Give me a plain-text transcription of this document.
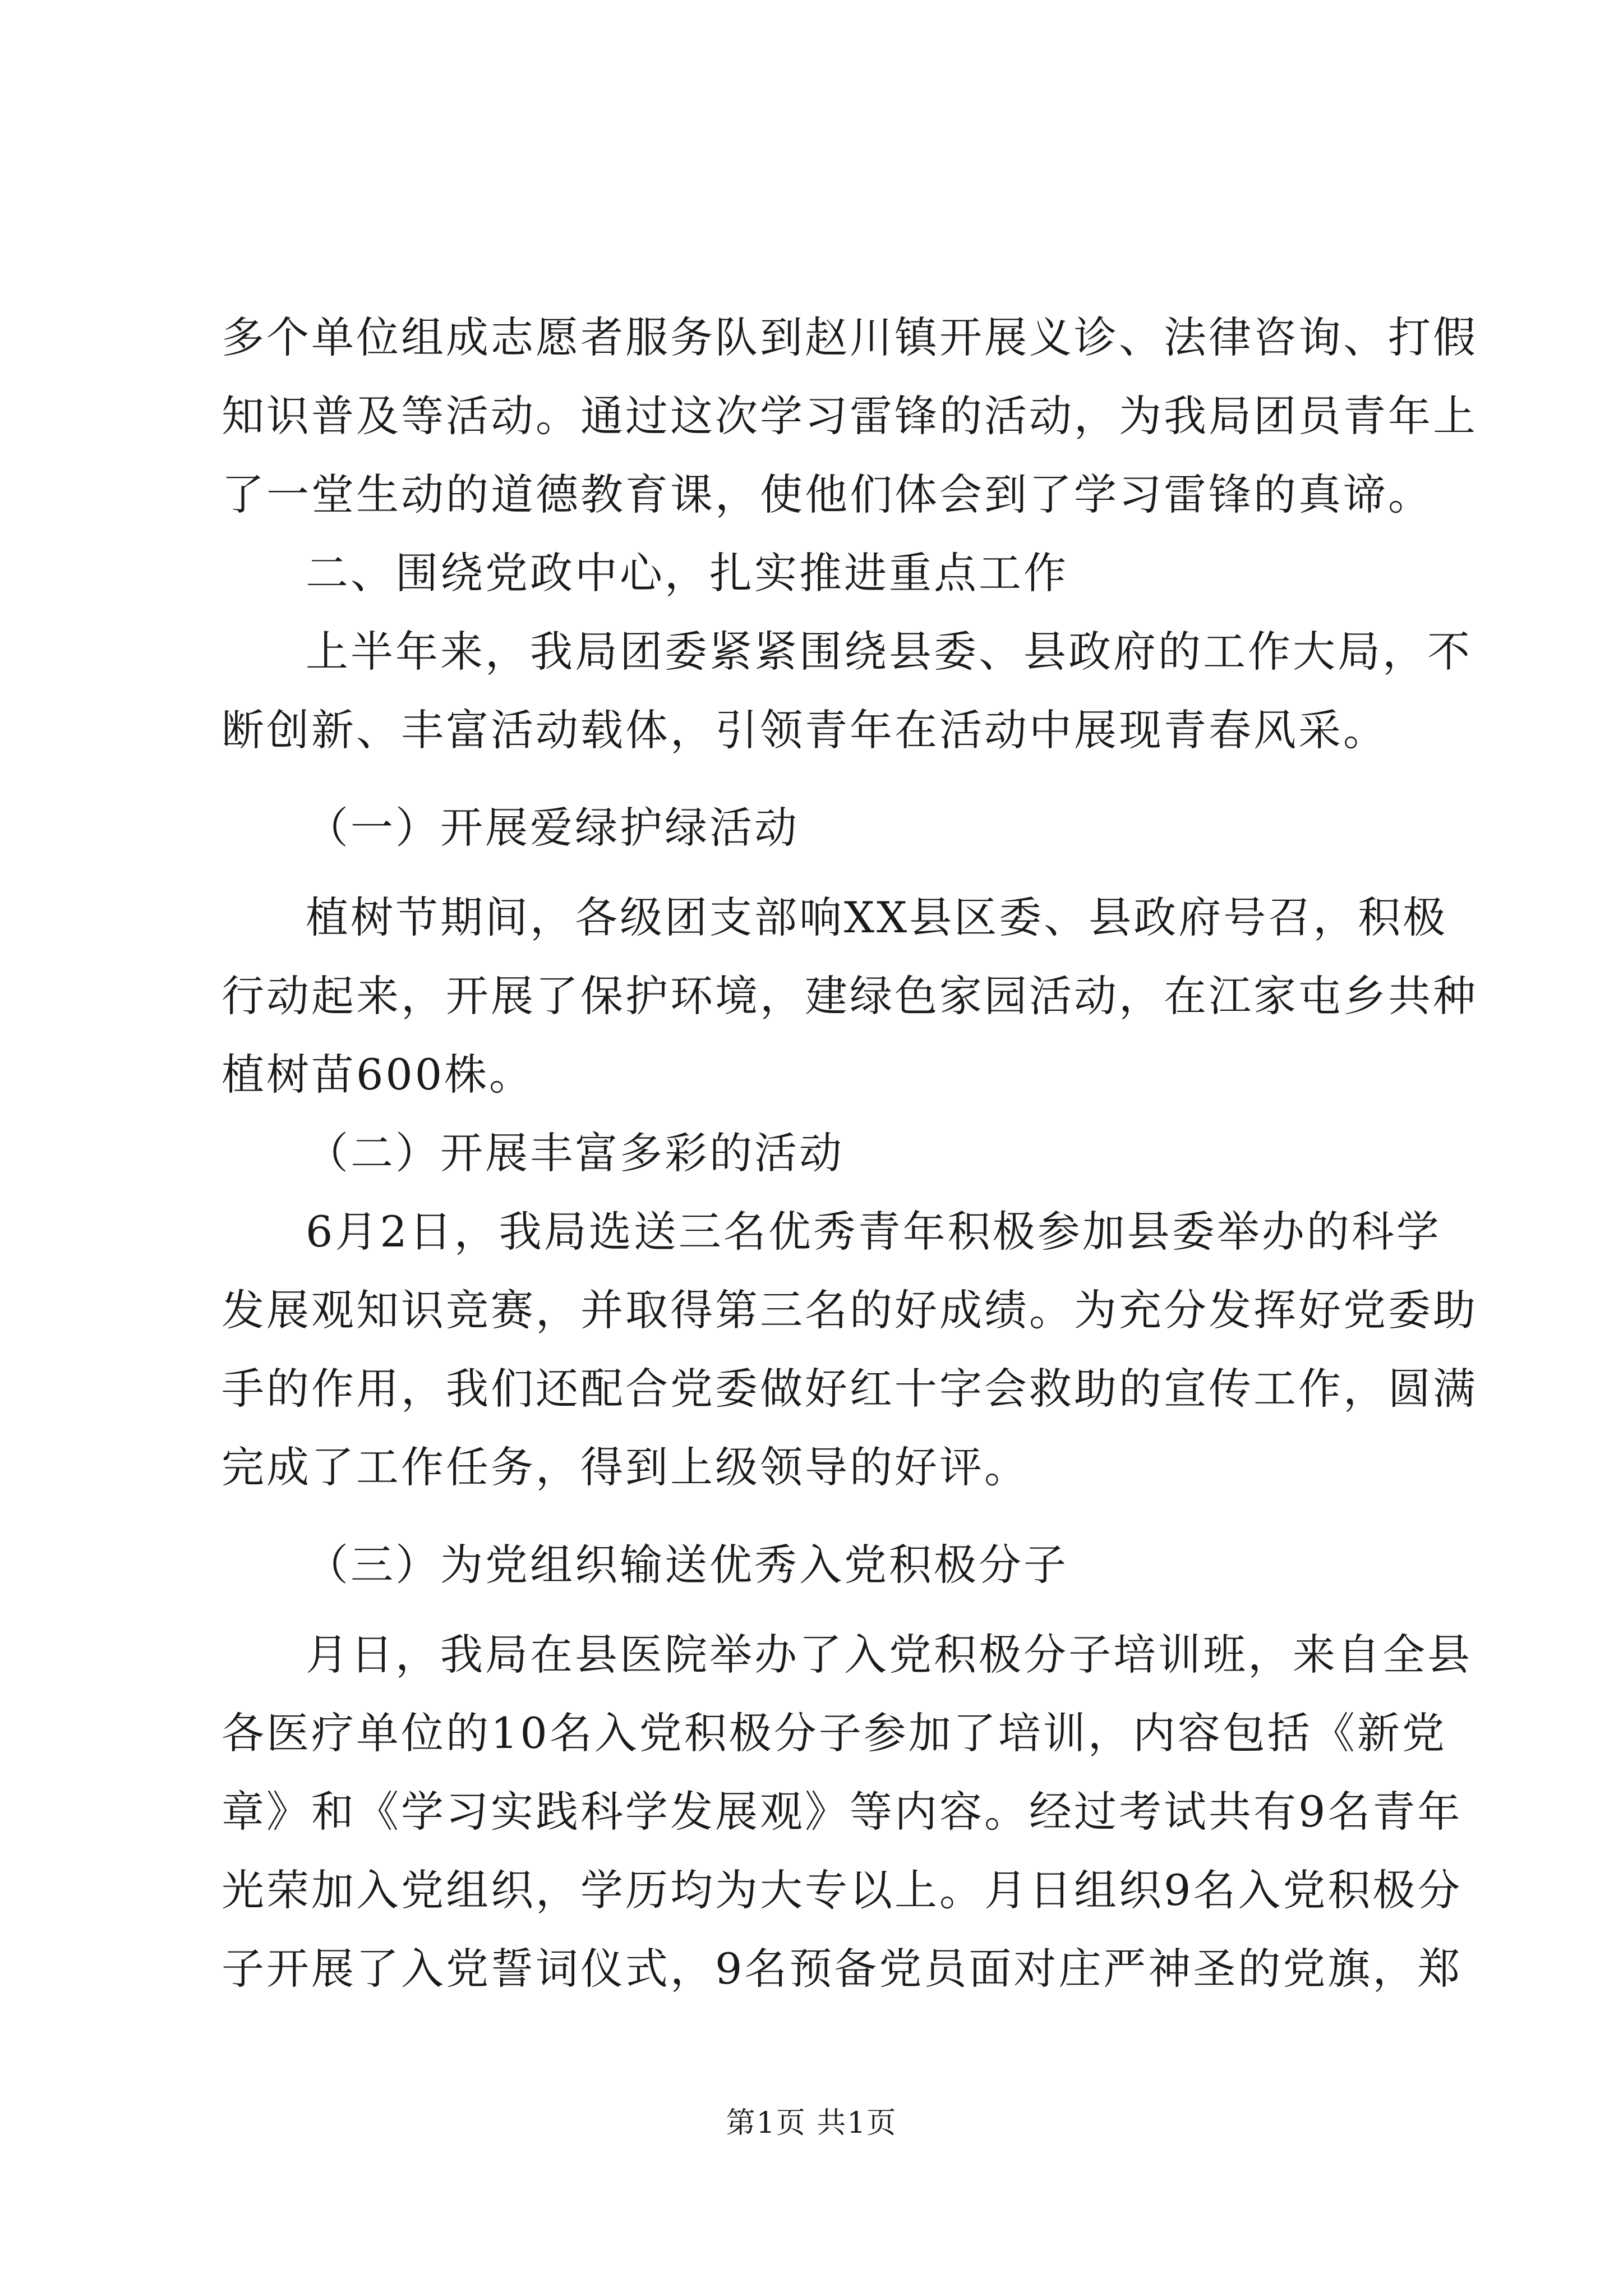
多个单位组成志愿者服务队到赵川镇开展义诊、法律咨询、打假
知识普及等活动。通过这次学习雷锋的活动，为我局团员青年上
了一堂生动的道德教育课，使他们体会到了学习雷锋的真谛。
二、围绕党政中心，扎实推进重点工作
上半年来，我局团委紧紧围绕县委、县政府的工作大局，不
断创新、丰富活动载体，引领青年在活动中展现青春风采。
（一）开展爱绿护绿活动
植树节期间，各级团支部响XX县区委、县政府号召，积极
行动起来，开展了保护环境，建绿色家园活动，在江家屯乡共种
植树苗600株。
（二）开展丰富多彩的活动
6月2日，我局选送三名优秀青年积极参加县委举办的科学
发展观知识竞赛，并取得第三名的好成绩。为充分发挥好党委助
手的作用，我们还配合党委做好红十字会救助的宣传工作，圆满
完成了工作任务，得到上级领导的好评。
（三）为党组织输送优秀入党积极分子
月日，我局在县医院举办了入党积极分子培训班，来自全县
各医疗单位的10名入党积极分子参加了培训，内容包括《新党
章》和《学习实践科学发展观》等内容。经过考试共有9名青年
光荣加入党组织，学历均为大专以上。月日组织9名入党积极分
子开展了入党誓词仪式，9名预备党员面对庄严神圣的党旗，郑
第1页 共1页
